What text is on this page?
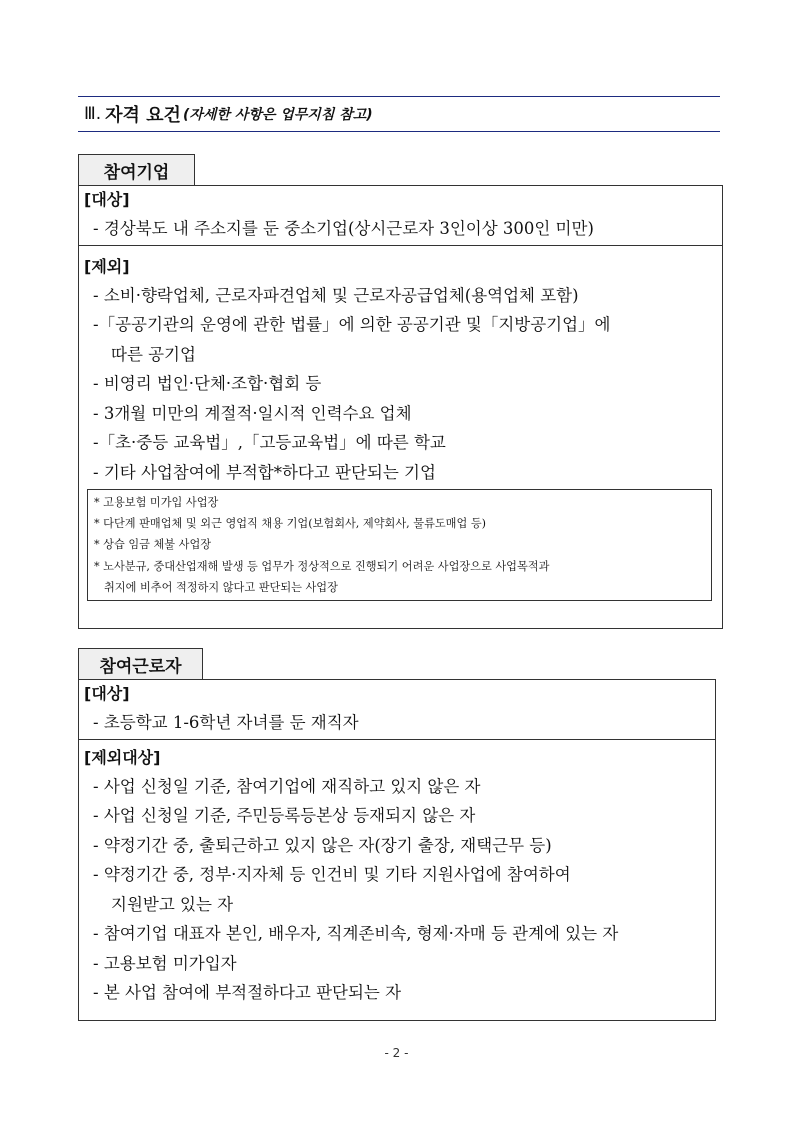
Ⅲ. 자격 요건 (자세한 사항은 업무지침 참고)
참여기업
[대상]
- 경상북도 내 주소지를 둔 중소기업(상시근로자 3인이상 300인 미만)
[제외]
- 소비·향락업체, 근로자파견업체 및 근로자공급업체(용역업체 포함)
-「공공기관의 운영에 관한 법률」에 의한 공공기관 및「지방공기업」에
따른 공기업
- 비영리 법인·단체·조합·협회 등
- 3개월 미만의 계절적·일시적 인력수요 업체
-「초·중등 교육법」,「고등교육법」에 따른 학교
- 기타 사업참여에 부적합*하다고 판단되는 기업
* 고용보험 미가입 사업장
* 다단계 판매업체 및 외근 영업직 채용 기업(보험회사, 제약회사, 물류도매업 등)
* 상습 임금 체불 사업장
* 노사분규, 중대산업재해 발생 등 업무가 정상적으로 진행되기 어려운 사업장으로 사업목적과
취지에 비추어 적정하지 않다고 판단되는 사업장
참여근로자
[대상]
- 초등학교 1-6학년 자녀를 둔 재직자
[제외대상]
- 사업 신청일 기준, 참여기업에 재직하고 있지 않은 자
- 사업 신청일 기준, 주민등록등본상 등재되지 않은 자
- 약정기간 중, 출퇴근하고 있지 않은 자(장기 출장, 재택근무 등)
- 약정기간 중, 정부·지자체 등 인건비 및 기타 지원사업에 참여하여
지원받고 있는 자
- 참여기업 대표자 본인, 배우자, 직계존비속, 형제·자매 등 관계에 있는 자
- 고용보험 미가입자
- 본 사업 참여에 부적절하다고 판단되는 자
- 2 -
